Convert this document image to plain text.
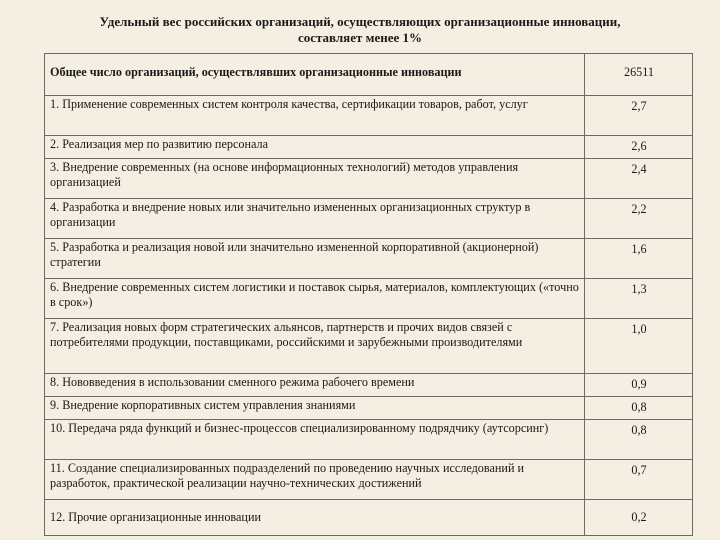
Удельный вес российских организаций, осуществляющих организационные инновации,
составляет менее 1%
Общее число организаций, осуществлявших организационные инновации	26511
1. Применение современных систем контроля качества, сертификации товаров, работ, услуг	2,7
2. Реализация мер по развитию персонала	2,6
3. Внедрение современных (на основе информационных технологий) методов управления организацией	2,4
4. Разработка и внедрение новых или значительно измененных организационных структур в организации	2,2
5. Разработка и реализация новой или значительно измененной корпоративной (акционерной) стратегии	1,6
6. Внедрение современных систем логистики и поставок сырья, материалов, комплектующих («точно в срок»)	1,3
7. Реализация новых форм стратегических альянсов, партнерств и прочих видов связей с потребителями продукции, поставщиками, российскими и зарубежными производителями	1,0
8. Нововведения в использовании сменного режима рабочего времени	0,9
9. Внедрение корпоративных систем управления знаниями	0,8
10. Передача ряда функций и бизнес-процессов специализированному подрядчику (аутсорсинг)	0,8
11. Создание специализированных подразделений по проведению научных исследований и разработок, практической реализации научно-технических достижений	0,7
12. Прочие организационные инновации	0,2
